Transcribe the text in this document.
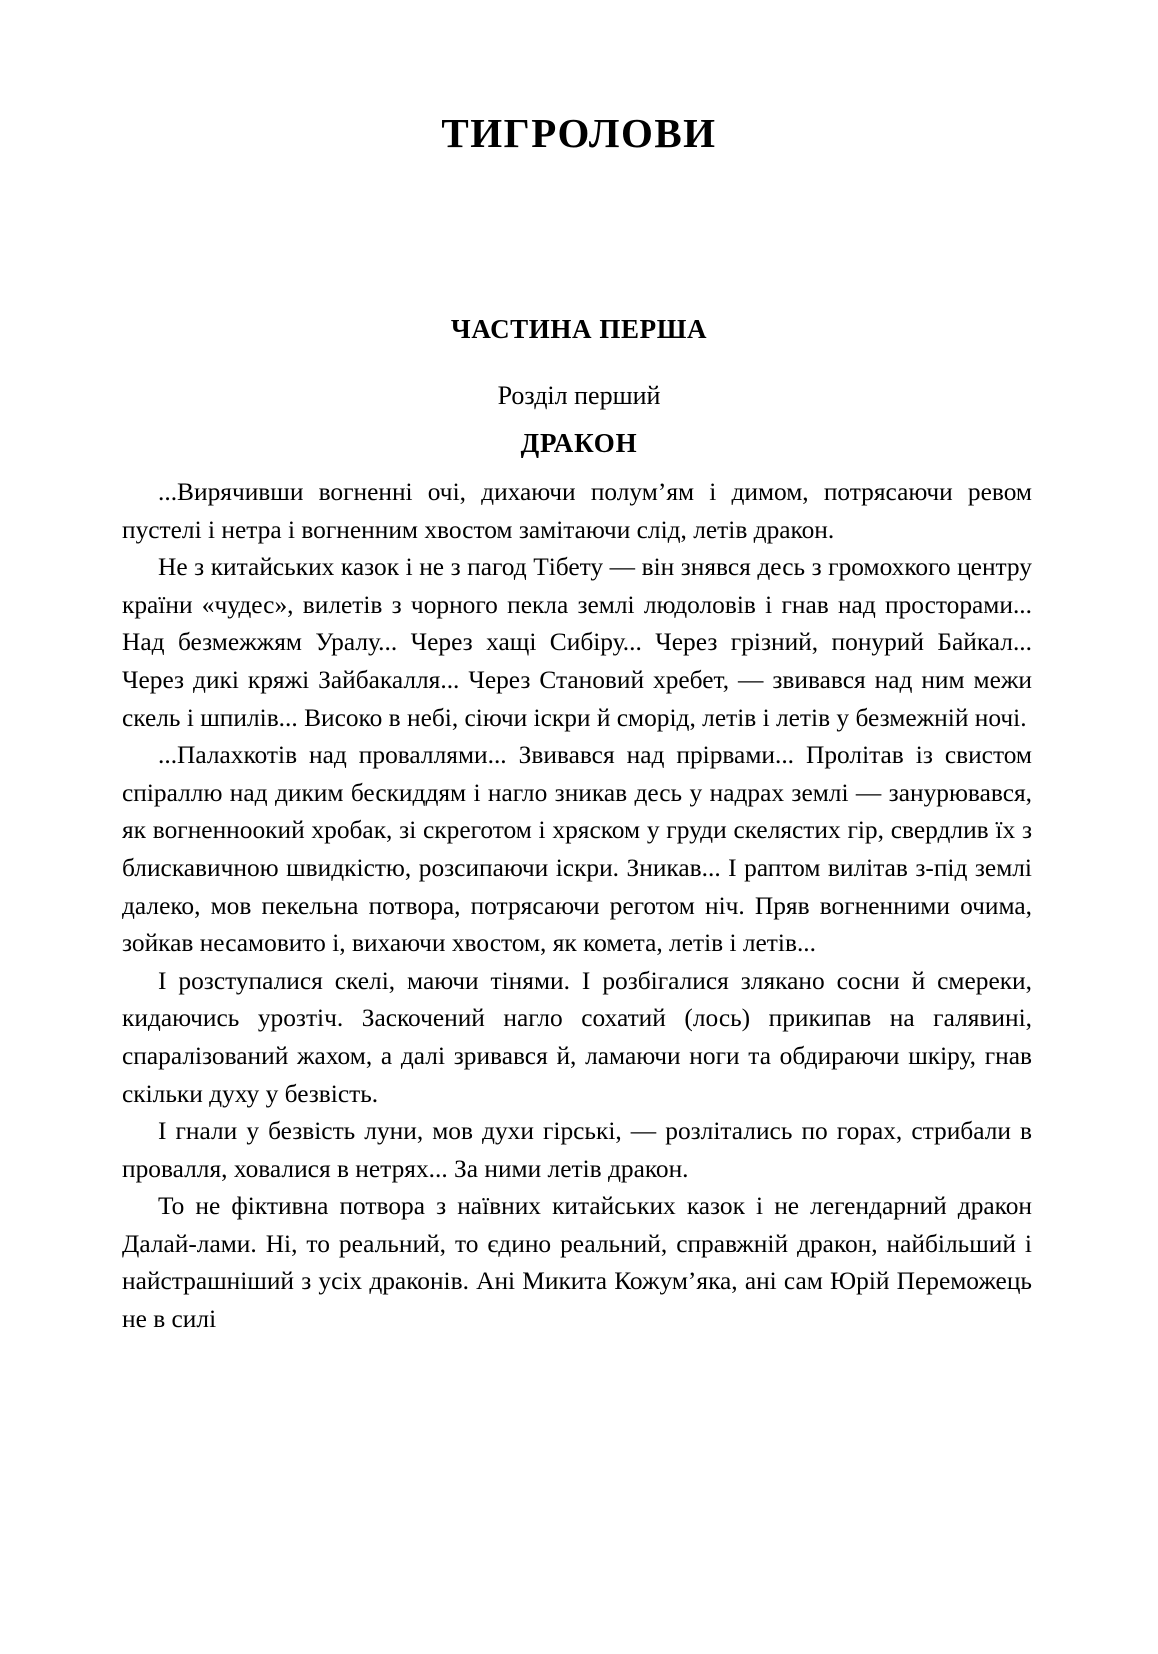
ТИГРОЛОВИ
ЧАСТИНА ПЕРША
Розділ перший
ДРАКОН

...Вирячивши вогненні очі, дихаючи полум’ям і димом, потрясаючи ревом пустелі і нетра і вогненним хвостом замітаючи слід, летів дракон.

Не з китайських казок і не з пагод Тібету — він знявся десь з громохкого центру країни «чудес», вилетів з чорного пекла землі людоловів і гнав над просторами... Над безмежжям Уралу... Через хащі Сибіру... Через грізний, понурий Байкал... Через дикі кряжі Зайбакалля... Через Становий хребет, — звивався над ним межи скель і шпилів... Високо в небі, сіючи іскри й сморід, летів і летів у безмежній ночі.

...Палахкотів над проваллями... Звивався над прірвами... Пролітав із свистом спіраллю над диким бескиддям і нагло зникав десь у надрах землі — занурювався, як вогненноокий хробак, зі скреготом і хряском у груди скелястих гір, свердлив їх з блискавичною швидкістю, розсипаючи іскри. Зникав... І раптом вилітав з-під землі далеко, мов пекельна потвора, потрясаючи реготом ніч. Пряв вогненними очима, зойкав несамовито і, вихаючи хвостом, як комета, летів і летів...

І розступалися скелі, маючи тінями. І розбігалися злякано сосни й смереки, кидаючись урозтіч. Заскочений нагло сохатий (лось) прикипав на галявині, спаралізований жахом, а далі зривався й, ламаючи ноги та обдираючи шкіру, гнав скільки духу у безвість.

І гнали у безвість луни, мов духи гірські, — розлітались по горах, стрибали в провалля, ховалися в нетрях... За ними летів дракон.

То не фіктивна потвора з наївних китайських казок і не легендарний дракон Далай-лами. Ні, то реальний, то єдино реальний, справжній дракон, найбільший і найстрашніший з усіх драконів. Ані Микита Кожум’яка, ані сам Юрій Переможець не в силі
